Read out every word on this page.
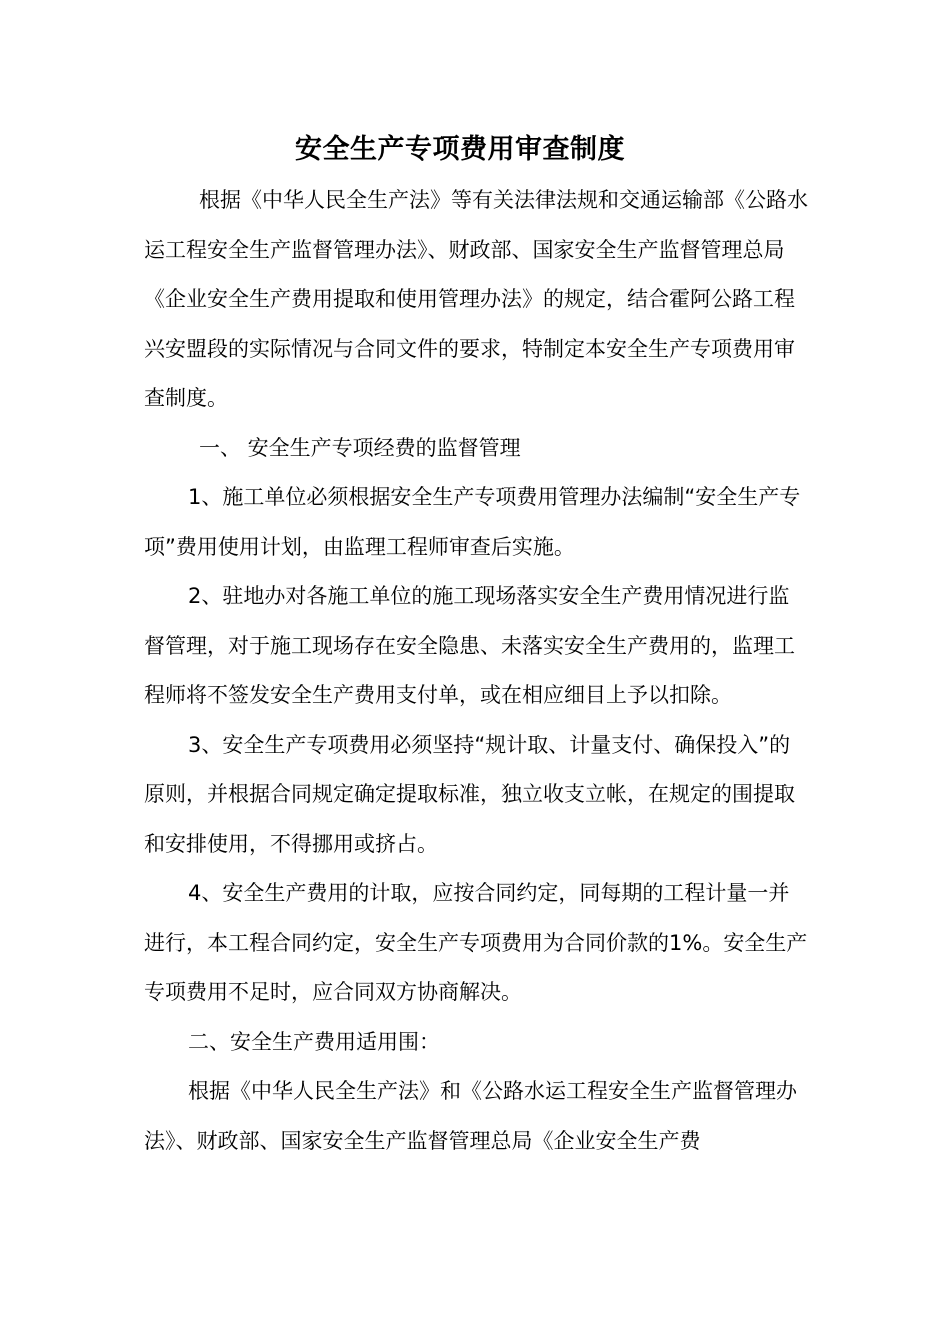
安全生产专项费用审查制度

根据《中华人民全生产法》等有关法律法规和交通运输部《公路水运工程安全生产监督管理办法》、财政部、国家安全生产监督管理总局《企业安全生产费用提取和使用管理办法》的规定，结合霍阿公路工程兴安盟段的实际情况与合同文件的要求，特制定本安全生产专项费用审查制度。

一、 安全生产专项经费的监督管理

1、施工单位必须根据安全生产专项费用管理办法编制“安全生产专项”费用使用计划，由监理工程师审查后实施。

2、驻地办对各施工单位的施工现场落实安全生产费用情况进行监督管理，对于施工现场存在安全隐患、未落实安全生产费用的，监理工程师将不签发安全生产费用支付单，或在相应细目上予以扣除。

3、安全生产专项费用必须坚持“规计取、计量支付、确保投入”的原则，并根据合同规定确定提取标准，独立收支立帐，在规定的围提取和安排使用，不得挪用或挤占。

4、安全生产费用的计取，应按合同约定，同每期的工程计量一并进行，本工程合同约定，安全生产专项费用为合同价款的1%。安全生产专项费用不足时，应合同双方协商解决。

二、安全生产费用适用围：

根据《中华人民全生产法》和《公路水运工程安全生产监督管理办法》、财政部、国家安全生产监督管理总局《企业安全生产费
